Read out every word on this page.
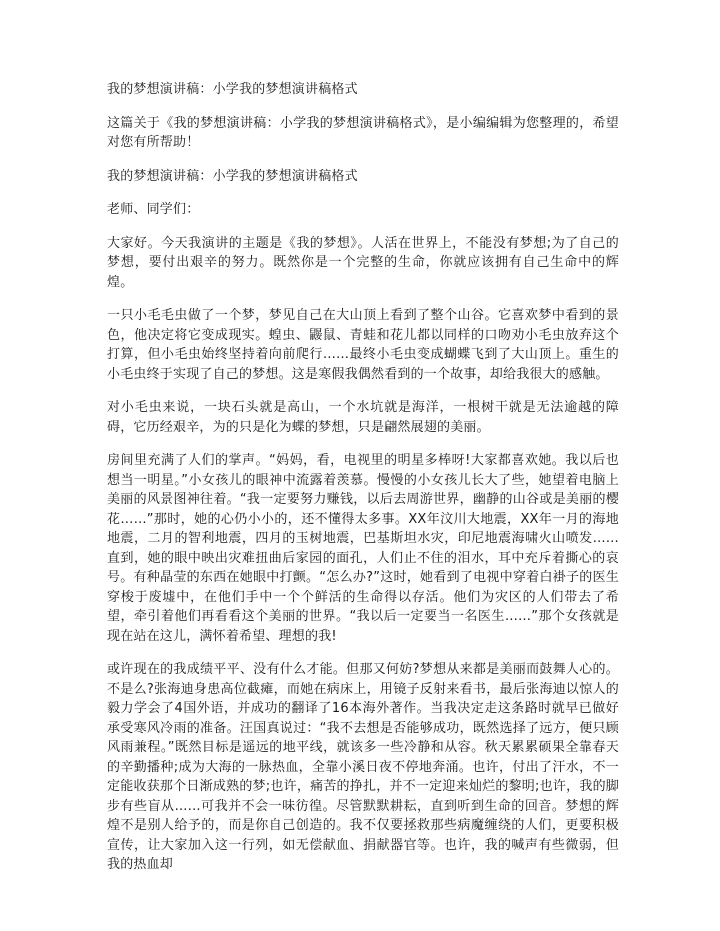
我的梦想演讲稿：小学我的梦想演讲稿格式

这篇关于《我的梦想演讲稿：小学我的梦想演讲稿格式》，是小编编辑为您整理的，希望对您有所帮助！

我的梦想演讲稿：小学我的梦想演讲稿格式

老师、同学们：

大家好。今天我演讲的主题是《我的梦想》。人活在世界上，不能没有梦想;为了自己的梦想，要付出艰辛的努力。既然你是一个完整的生命，你就应该拥有自己生命中的辉煌。

一只小毛毛虫做了一个梦，梦见自己在大山顶上看到了整个山谷。它喜欢梦中看到的景色，他决定将它变成现实。蝗虫、鼹鼠、青蛙和花儿都以同样的口吻劝小毛虫放弃这个打算，但小毛虫始终坚持着向前爬行……最终小毛虫变成蝴蝶飞到了大山顶上。重生的小毛虫终于实现了自己的梦想。这是寒假我偶然看到的一个故事，却给我很大的感触。

对小毛虫来说，一块石头就是高山，一个水坑就是海洋，一根树干就是无法逾越的障碍，它历经艰辛，为的只是化为蝶的梦想，只是翩然展翅的美丽。

房间里充满了人们的掌声。“妈妈，看，电视里的明星多棒呀!大家都喜欢她。我以后也想当一明星。”小女孩儿的眼神中流露着羡慕。慢慢的小女孩儿长大了些，她望着电脑上美丽的风景图神往着。“我一定要努力赚钱，以后去周游世界，幽静的山谷或是美丽的樱花……”那时，她的心仍小小的，还不懂得太多事。XX年汶川大地震，XX年一月的海地地震，二月的智利地震，四月的玉树地震，巴基斯坦水灾，印尼地震海啸火山喷发……直到，她的眼中映出灾难扭曲后家园的面孔，人们止不住的泪水，耳中充斥着撕心的哀号。有种晶莹的东西在她眼中打颤。“怎么办?”这时，她看到了电视中穿着白褂子的医生穿梭于废墟中，在他们手中一个个鲜活的生命得以存活。他们为灾区的人们带去了希望，牵引着他们再看看这个美丽的世界。“我以后一定要当一名医生……”那个女孩就是现在站在这儿，满怀着希望、理想的我!

或许现在的我成绩平平、没有什么才能。但那又何妨?梦想从来都是美丽而鼓舞人心的。不是么?张海迪身患高位截瘫，而她在病床上，用镜子反射来看书，最后张海迪以惊人的毅力学会了4国外语，并成功的翻译了16本海外著作。当我决定走这条路时就早已做好承受寒风冷雨的准备。汪国真说过：“我不去想是否能够成功，既然选择了远方，便只顾风雨兼程。”既然目标是遥远的地平线，就该多一些冷静和从容。秋天累累硕果全靠春天的辛勤播种;成为大海的一脉热血，全靠小溪日夜不停地奔涌。也许，付出了汗水，不一定能收获那个日渐成熟的梦;也许，痛苦的挣扎，并不一定迎来灿烂的黎明;也许，我的脚步有些盲从……可我并不会一味彷徨。尽管默默耕耘，直到听到生命的回音。梦想的辉煌不是别人给予的，而是你自己创造的。我不仅要拯救那些病魔缠绕的人们，更要积极宣传，让大家加入这一行列，如无偿献血、捐献器官等。也许，我的喊声有些微弱，但我的热血却
